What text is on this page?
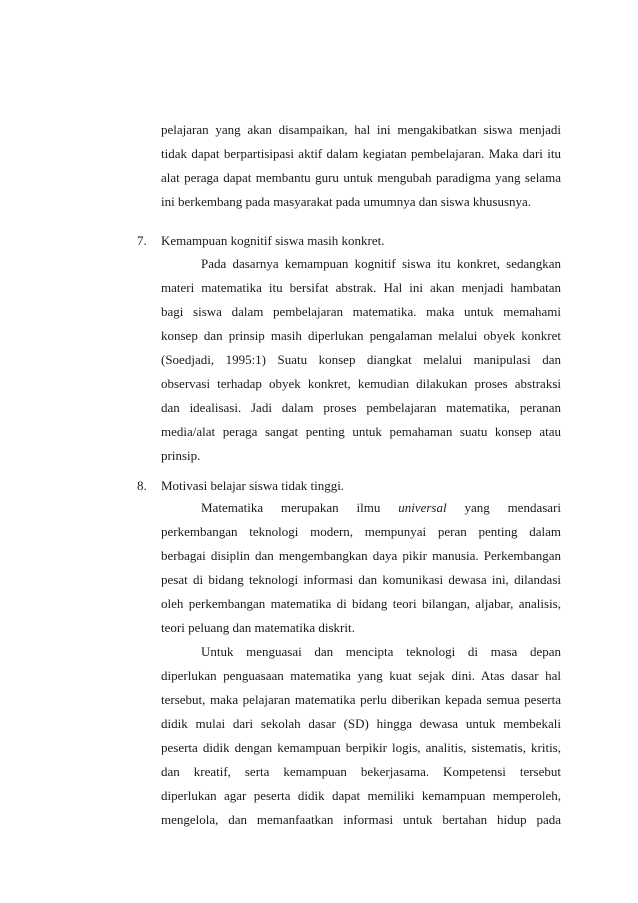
pelajaran yang akan disampaikan, hal ini mengakibatkan siswa menjadi
tidak dapat berpartisipasi aktif dalam kegiatan pembelajaran. Maka dari itu
alat peraga dapat membantu guru untuk mengubah paradigma yang selama
ini berkembang pada masyarakat pada umumnya dan siswa khususnya.
7. Kemampuan kognitif siswa masih konkret.
Pada dasarnya kemampuan kognitif siswa itu konkret, sedangkan
materi matematika itu bersifat abstrak. Hal ini akan menjadi hambatan
bagi siswa dalam pembelajaran matematika. maka untuk memahami
konsep dan prinsip masih diperlukan pengalaman melalui obyek konkret
(Soedjadi, 1995:1) Suatu konsep diangkat melalui manipulasi dan
observasi terhadap obyek konkret, kemudian dilakukan proses abstraksi
dan idealisasi. Jadi dalam proses pembelajaran matematika, peranan
media/alat peraga sangat penting untuk pemahaman suatu konsep atau
prinsip.
8. Motivasi belajar siswa tidak tinggi.
Matematika merupakan ilmu universal yang mendasari
perkembangan teknologi modern, mempunyai peran penting dalam
berbagai disiplin dan mengembangkan daya pikir manusia. Perkembangan
pesat di bidang teknologi informasi dan komunikasi dewasa ini, dilandasi
oleh perkembangan matematika di bidang teori bilangan, aljabar, analisis,
teori peluang dan matematika diskrit.
Untuk menguasai dan mencipta teknologi di masa depan
diperlukan penguasaan matematika yang kuat sejak dini. Atas dasar hal
tersebut, maka pelajaran matematika perlu diberikan kepada semua peserta
didik mulai dari sekolah dasar (SD) hingga dewasa untuk membekali
peserta didik dengan kemampuan berpikir logis, analitis, sistematis, kritis,
dan kreatif, serta kemampuan bekerjasama. Kompetensi tersebut
diperlukan agar peserta didik dapat memiliki kemampuan memperoleh,
mengelola, dan memanfaatkan informasi untuk bertahan hidup pada
